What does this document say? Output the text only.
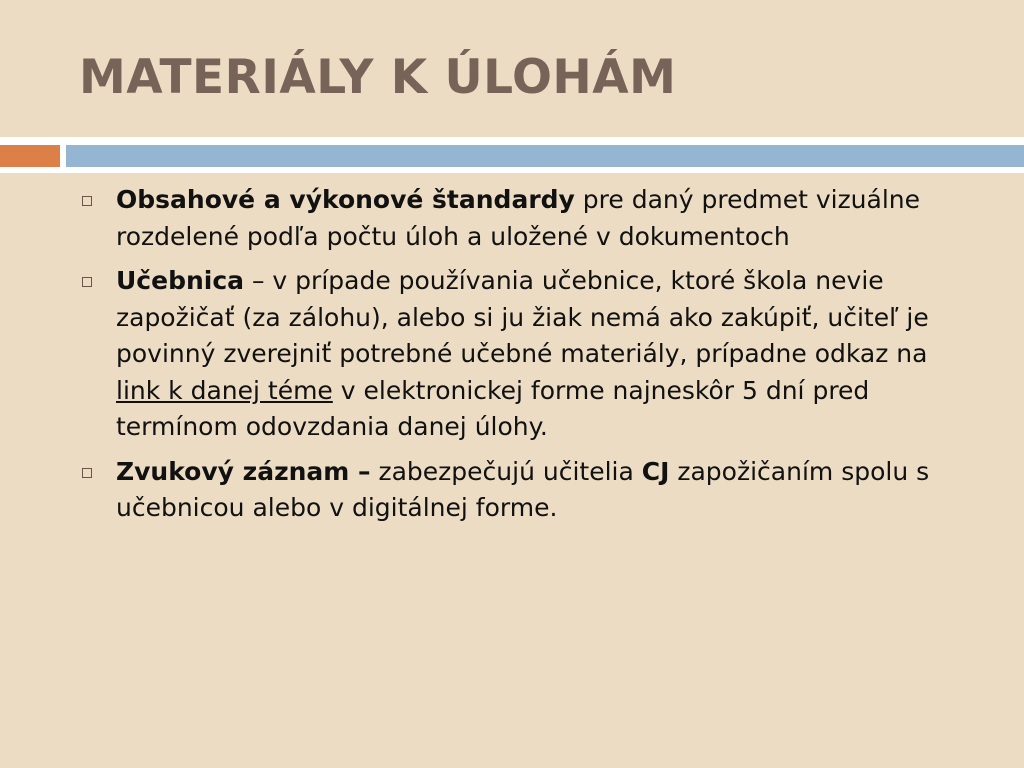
MATERIÁLY K ÚLOHÁM
Obsahové a výkonové štandardy pre daný predmet vizuálne rozdelené podľa počtu úloh a uložené v dokumentoch
Učebnica – v prípade používania učebnice, ktoré škola nevie zapožičať (za zálohu), alebo si ju žiak nemá ako zakúpiť, učiteľ je povinný zverejniť potrebné učebné materiály, prípadne odkaz na link k danej téme v elektronickej forme najneskôr 5 dní pred termínom odovzdania danej úlohy.
Zvukový záznam – zabezpečujú učitelia CJ zapožičaním spolu s učebnicou alebo v digitálnej forme.
